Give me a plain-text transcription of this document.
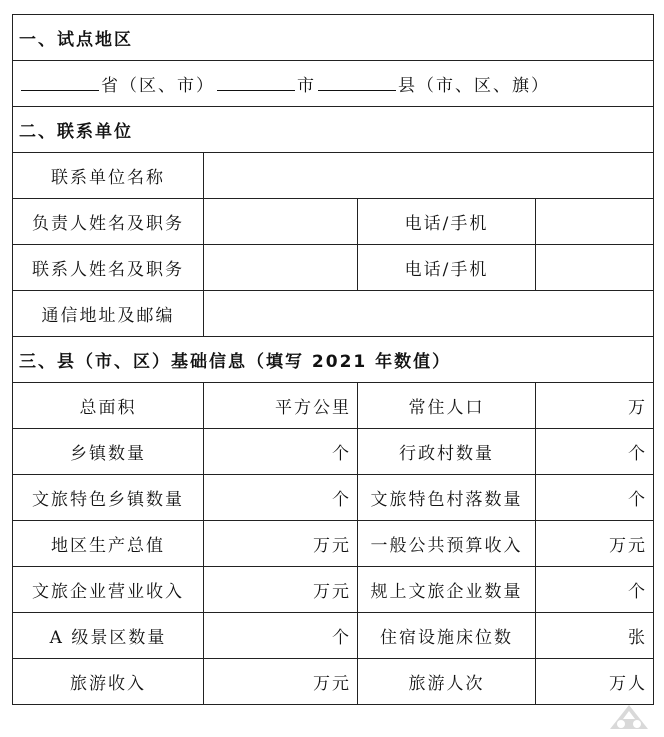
一、试点地区			
省（区、市） 市 县（市、区、旗）			
二、联系单位			
联系单位名称			
负责人姓名及职务		电话/手机	
联系人姓名及职务		电话/手机	
通信地址及邮编			
三、县（市、区）基础信息（填写 2021 年数值）			
总面积	平方公里	常住人口	万
乡镇数量	个	行政村数量	个
文旅特色乡镇数量	个	文旅特色村落数量	个
地区生产总值	万元	一般公共预算收入	万元
文旅企业营业收入	万元	规上文旅企业数量	个
A 级景区数量	个	住宿设施床位数	张
旅游收入	万元	旅游人次	万人
